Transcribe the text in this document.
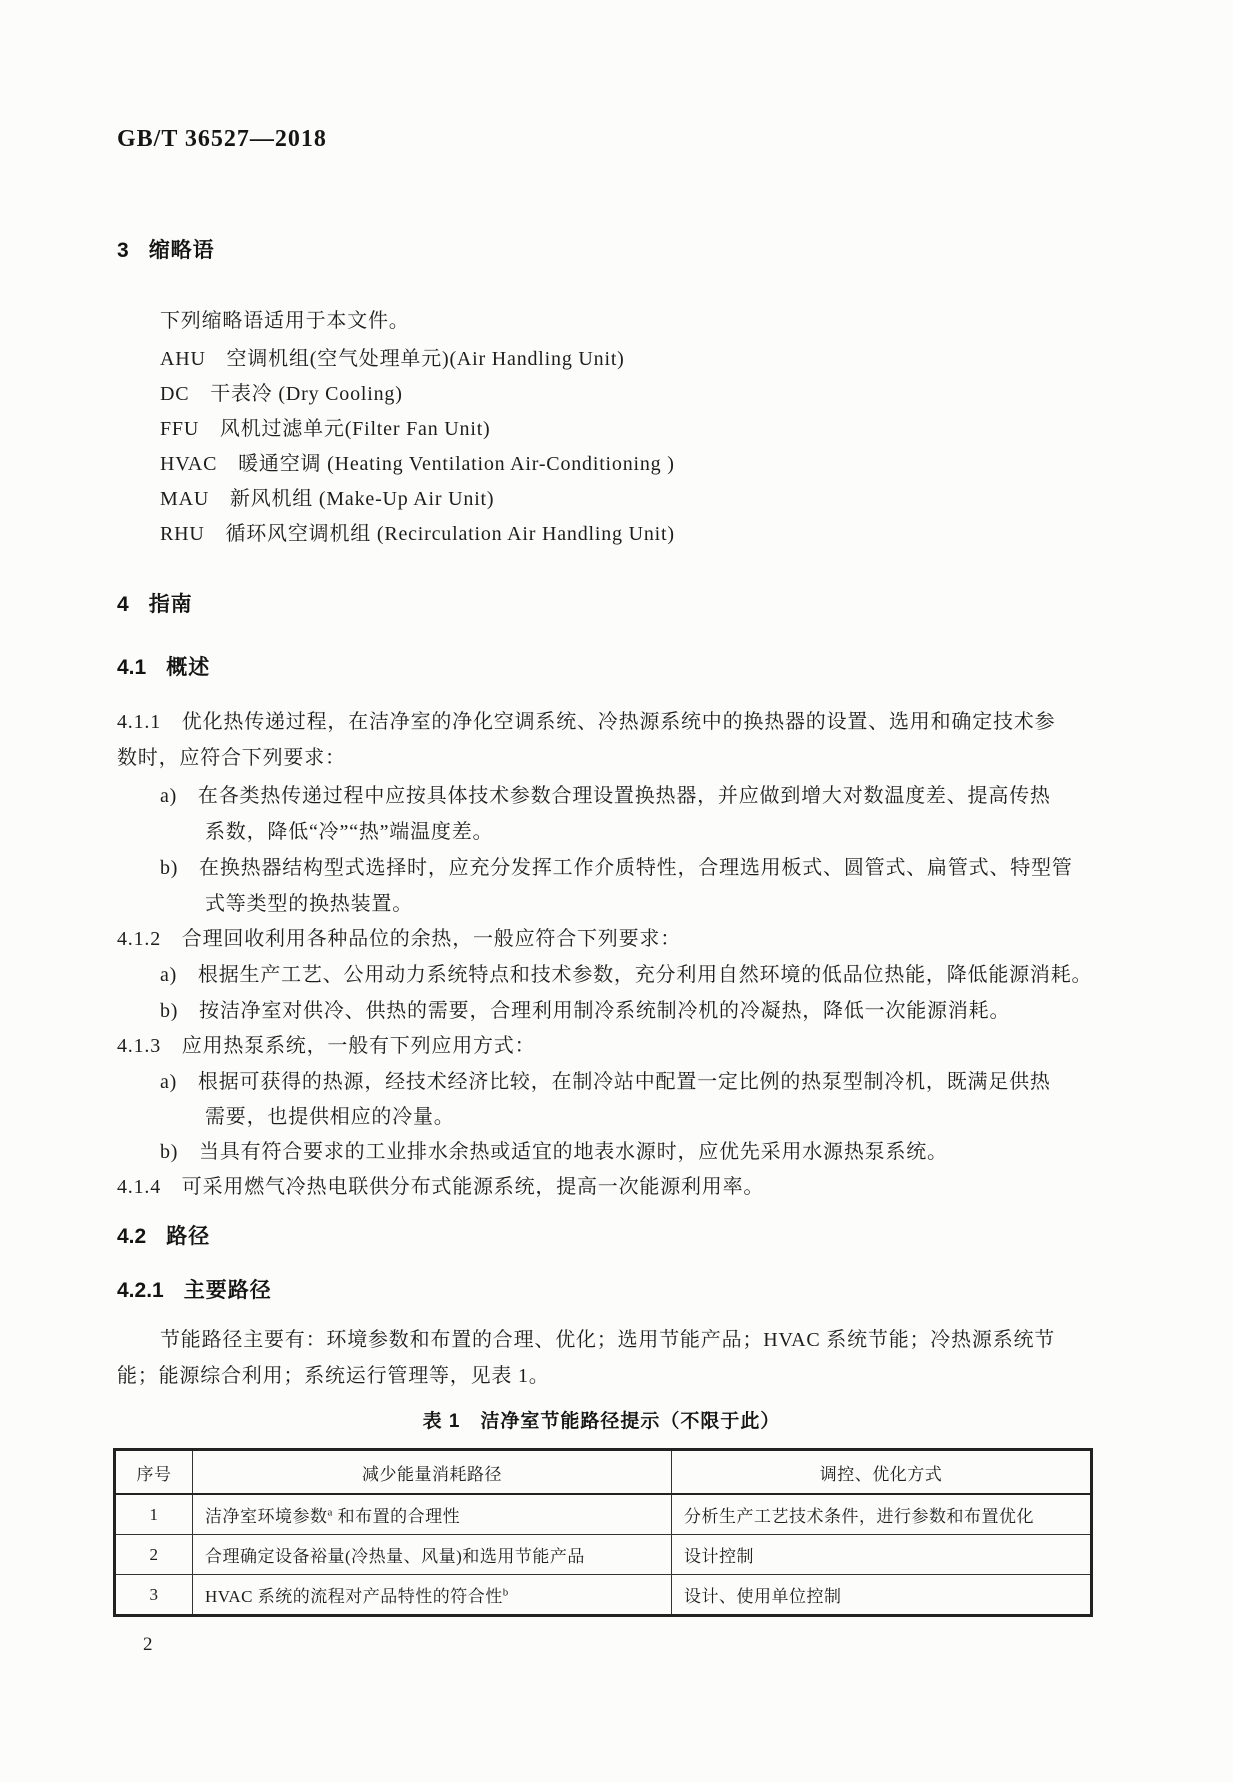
GB/T 36527—2018
3 缩略语
下列缩略语适用于本文件。
AHU　 空调机组(空气处理单元)(Air Handling Unit)
DC　 干表冷 (Dry Cooling)
FFU　 风机过滤单元(Filter Fan Unit)
HVAC　 暖通空调 (Heating Ventilation Air-Conditioning )
MAU　 新风机组 (Make-Up Air Unit)
RHU　 循环风空调机组 (Recirculation Air Handling Unit)
4 指南
4.1 概述
4.1.1　优化热传递过程，在洁净室的净化空调系统、冷热源系统中的换热器的设置、选用和确定技术参
数时，应符合下列要求：
a)　在各类热传递过程中应按具体技术参数合理设置换热器，并应做到增大对数温度差、提高传热
系数，降低“冷”“热”端温度差。
b)　在换热器结构型式选择时，应充分发挥工作介质特性，合理选用板式、圆管式、扁管式、特型管
式等类型的换热装置。
4.1.2　合理回收利用各种品位的余热，一般应符合下列要求：
a)　根据生产工艺、公用动力系统特点和技术参数，充分利用自然环境的低品位热能，降低能源消耗。
b)　按洁净室对供冷、供热的需要，合理利用制冷系统制冷机的冷凝热，降低一次能源消耗。
4.1.3　应用热泵系统，一般有下列应用方式：
a)　根据可获得的热源，经技术经济比较，在制冷站中配置一定比例的热泵型制冷机，既满足供热
需要，也提供相应的冷量。
b)　当具有符合要求的工业排水余热或适宜的地表水源时，应优先采用水源热泵系统。
4.1.4　可采用燃气冷热电联供分布式能源系统，提高一次能源利用率。
4.2 路径
4.2.1 主要路径
节能路径主要有：环境参数和布置的合理、优化；选用节能产品；HVAC 系统节能；冷热源系统节
能；能源综合利用；系统运行管理等，见表 1。
表 1　洁净室节能路径提示（不限于此）
序号	减少能量消耗路径	调控、优化方式
1	洁净室环境参数$^a$ 和布置的合理性	分析生产工艺技术条件，进行参数和布置优化
2	合理确定设备裕量(冷热量、风量)和选用节能产品	设计控制
3	HVAC 系统的流程对产品特性的符合性$^b$	设计、使用单位控制
2
